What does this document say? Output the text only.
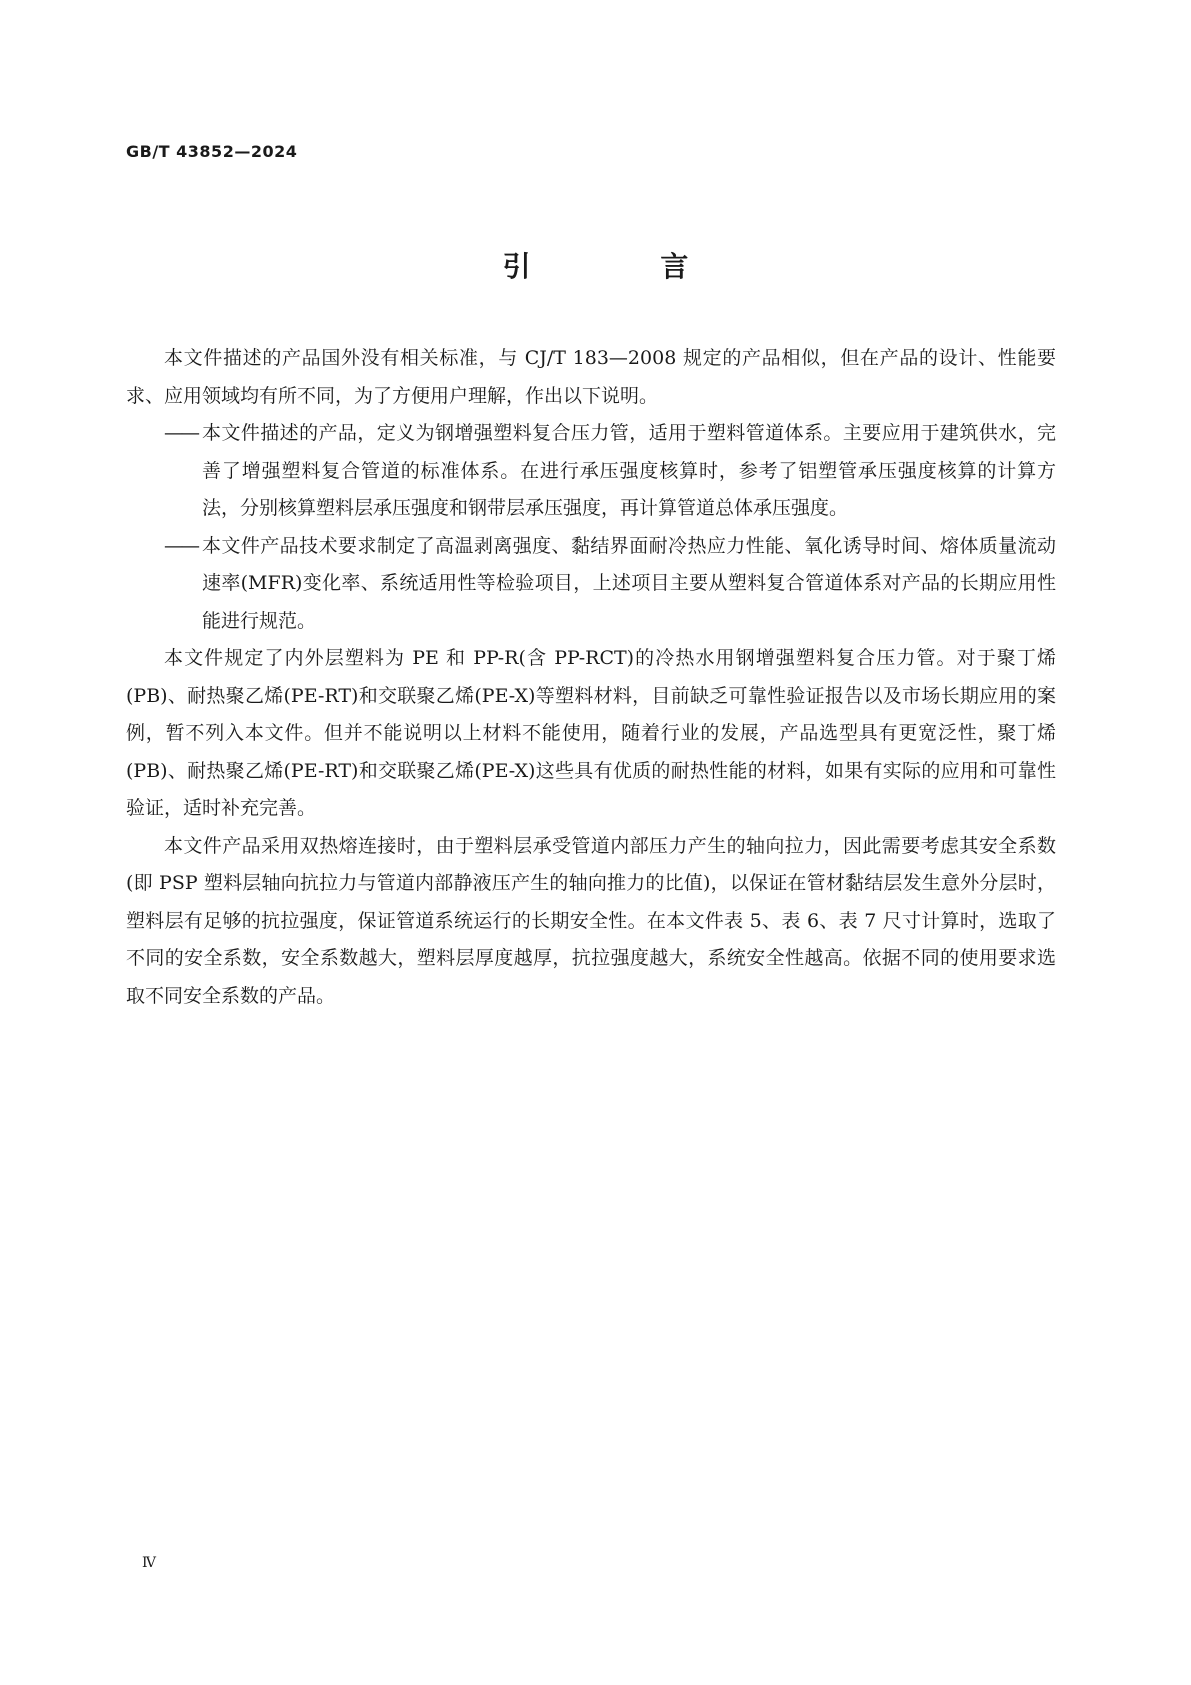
GB/T 43852—2024
引 言

本文件描述的产品国外没有相关标准，与 CJ/T 183—2008 规定的产品相似，但在产品的设计、性能要求、应用领域均有所不同，为了方便用户理解，作出以下说明。

—— 本文件描述的产品，定义为钢增强塑料复合压力管，适用于塑料管道体系。主要应用于建筑供水，完善了增强塑料复合管道的标准体系。在进行承压强度核算时，参考了铝塑管承压强度核算的计算方法，分别核算塑料层承压强度和钢带层承压强度，再计算管道总体承压强度。
—— 本文件产品技术要求制定了高温剥离强度、黏结界面耐冷热应力性能、氧化诱导时间、熔体质量流动速率(MFR)变化率、系统适用性等检验项目，上述项目主要从塑料复合管道体系对产品的长期应用性能进行规范。

本文件规定了内外层塑料为 PE 和 PP-R(含 PP-RCT)的冷热水用钢增强塑料复合压力管。对于聚丁烯(PB)、耐热聚乙烯(PE-RT)和交联聚乙烯(PE-X)等塑料材料，目前缺乏可靠性验证报告以及市场长期应用的案例，暂不列入本文件。但并不能说明以上材料不能使用，随着行业的发展，产品选型具有更宽泛性，聚丁烯(PB)、耐热聚乙烯(PE-RT)和交联聚乙烯(PE-X)这些具有优质的耐热性能的材料，如果有实际的应用和可靠性验证，适时补充完善。

本文件产品采用双热熔连接时，由于塑料层承受管道内部压力产生的轴向拉力，因此需要考虑其安全系数(即 PSP 塑料层轴向抗拉力与管道内部静液压产生的轴向推力的比值)，以保证在管材黏结层发生意外分层时，塑料层有足够的抗拉强度，保证管道系统运行的长期安全性。在本文件表 5、表 6、表 7 尺寸计算时，选取了不同的安全系数，安全系数越大，塑料层厚度越厚，抗拉强度越大，系统安全性越高。依据不同的使用要求选取不同安全系数的产品。

Ⅳ
